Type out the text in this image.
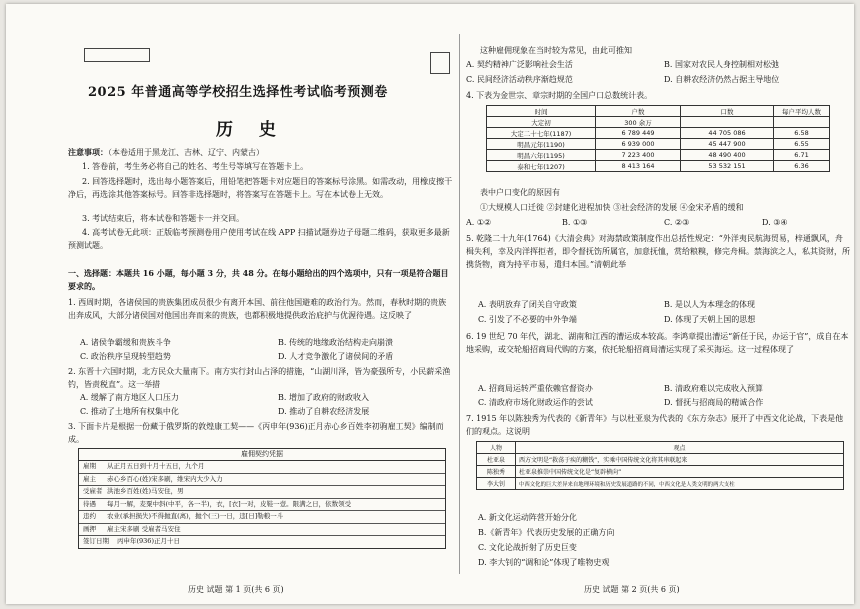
2025 年普通高等学校招生选择性考试临考预测卷
历 史
注意事项：（本卷适用于黑龙江、吉林、辽宁、内蒙古）
1. 答卷前，考生务必将自己的姓名、考生号等填写在答题卡上。
2. 回答选择题时，选出每小题答案后，用铅笔把答题卡对应题目的答案标号涂黑。如需改动，用橡皮擦干净后，再选涂其他答案标号。回答非选择题时，将答案写在答题卡上。写在本试卷上无效。
3. 考试结束后，将本试卷和答题卡一并交回。
4. 高考试卷无此项：正版临考预测卷用户使用考试在线 APP 扫描试题券边子母题二维码，获取更多最新预测试题。
一、选择题：本题共 16 小题，每小题 3 分，共 48 分。在每小题给出的四个选项中，只有一项是符合题目要求的。
1. 西周时期，各诸侯国的贵族集团成员很少有离开本国、前往他国避难的政治行为。然而，春秋时期的贵族出奔成风，大部分诸侯国对他国出奔而来的贵族，也都积极地提供政治庇护与优渥待遇。这反映了
A. 诸侯争霸缓和贵族斗争	B. 传统的地缘政治结构走向崩溃
C. 政治秩序呈现转型趋势	D. 人才竞争激化了诸侯间的矛盾
2. 东晋十六国时期，北方民众大量南下。南方实行封山占泽的措施，“山湖川泽，皆为豪强所专，小民薪采渔钓，皆责税直”。这一举措
A. 缓解了南方地区人口压力	B. 增加了政府的财政收入
C. 推动了土地所有权集中化	D. 推动了自耕农经济发展
3. 下面卡片是根据一份藏于俄罗斯的敦煌康工契——《丙申年(936)正月赤心乡百姓李初驹雇工契》编制而成。
雇佣契约凭据
雇期 从正月五日到十月十五日，九个月
雇主 赤心乡百心(姓)宋多刷，维宋内大少入力
受雇者 洪池乡百姓(姓)马安住，男
待遇 每月一解，麦粟中斜(中平，各一半)，衣，[衣]一对，皮鞋一壹。限满之日，依数领受
违约 农业(承担损失)不得抛直(离)，抛个(三)一日，违[日]勒粮一斗
画押 雇主宋多刷 受雇者马安住
签订日期 丙申年(936)正月十日
历史 试题 第 1 页(共 6 页)
这种雇佣现象在当时较为常见，由此可推知
A. 契约精神广泛影响社会生活	B. 国家对农民人身控制相对松弛
C. 民间经济活动秩序渐趋规范	D. 自耕农经济仍然占据主导地位
4. 下表为金世宗、章宗时期的全国户口总数统计表。
时间	户数	口数	每户平均人数
大定初	300 余万		
大定二十七年(1187)	6 789 449	44 705 086	6.58
明昌元年(1190)	6 939 000	45 447 900	6.55
明昌六年(1195)	7 223 400	48 490 400	6.71
泰和七年(1207)	8 413 164	53 532 151	6.36
表中户口变化的原因有
①大规模人口迁徙 ②封建化进程加快 ③社会经济的发展 ④金宋矛盾的缓和
A. ①②	B. ①③	C. ②③	D. ③④
5. 乾隆二十九年(1764)《大清会典》对海禁政策制度作出总括性规定：“外洋夷民航海贸易，梓通飘风，舟楫失利，幸及内洋挥拒者，即令督抚饬所属官，加意抚恤，赏给粮糗，修完舟楫。禁海滨之人，私其资财，所携货物，商为持平市易，遣归本国。”清朝此举
A. 表明放弃了闭关自守政策	B. 是以人为本理念的体现
C. 引发了不必要的中外争端	D. 体现了天朝上国的思想
6. 19 世纪 70 年代，湖北、湖南和江西的漕运成本较高。李鸿章提出漕运“新任于民，办运于官”，成自在本地采购，或交轮船招商局代购的方案，依托轮船招商局漕运实现了采买海运。这一过程体现了
A. 招商局运转严重依赖官督资办	B. 清政府难以完成收入预算
C. 清政府市场化财政运作的尝试	D. 督抚与招商局的精诚合作
7. 1915 年以陈独秀为代表的《新青年》与以杜亚泉为代表的《东方杂志》展开了中西文化论战，下表是他们的观点。这说明
人物	观点
杜亚泉	西方文明是“救荡于疾的糊钱”，实乘中国传统文化将其串联起来
陈独秀	杜亚泉推崇中国传统文化是“复辟横向”
李大钊	中西文化的巨大差异来自地理环境和历史发展道路的不同，中西文化是人类文明的两大支柱
A. 新文化运动阵营开始分化
B.《新青年》代表历史发展的正确方向
C. 文化论战折射了历史巨变
D. 李大钊的“调和论”体现了唯物史观
历史 试题 第 2 页(共 6 页)
